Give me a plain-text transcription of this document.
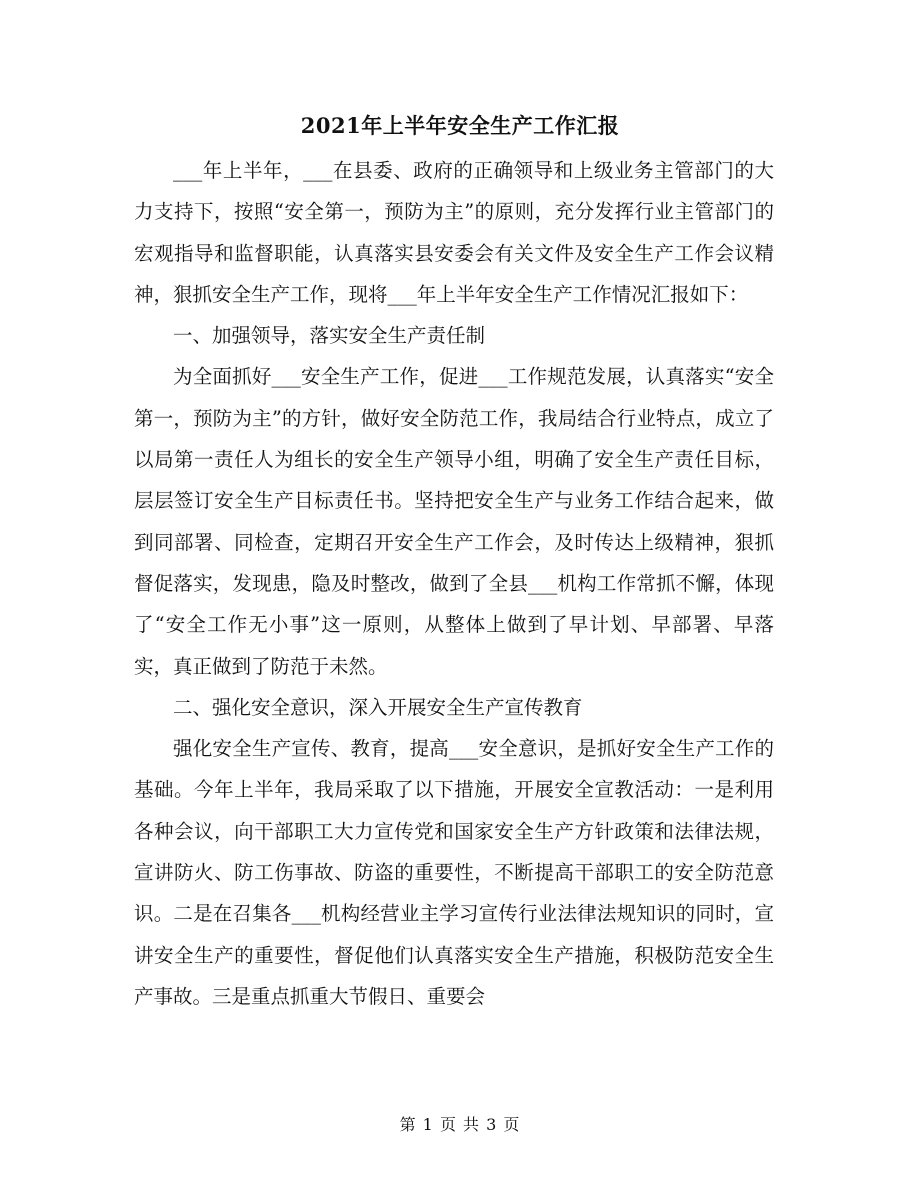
2021年上半年安全生产工作汇报

___年上半年，___在县委、政府的正确领导和上级业务主管部门的大力支持下，按照“安全第一，预防为主”的原则，充分发挥行业主管部门的宏观指导和监督职能，认真落实县安委会有关文件及安全生产工作会议精神，狠抓安全生产工作，现将___年上半年安全生产工作情况汇报如下：

一、加强领导，落实安全生产责任制

为全面抓好___安全生产工作，促进___工作规范发展，认真落实“安全第一，预防为主”的方针，做好安全防范工作，我局结合行业特点，成立了以局第一责任人为组长的安全生产领导小组，明确了安全生产责任目标，层层签订安全生产目标责任书。坚持把安全生产与业务工作结合起来，做到同部署、同检查，定期召开安全生产工作会，及时传达上级精神，狠抓督促落实，发现患，隐及时整改，做到了全县___机构工作常抓不懈，体现了“安全工作无小事”这一原则，从整体上做到了早计划、早部署、早落实，真正做到了防范于未然。

二、强化安全意识，深入开展安全生产宣传教育

强化安全生产宣传、教育，提高___安全意识，是抓好安全生产工作的基础。今年上半年，我局采取了以下措施，开展安全宣教活动：一是利用各种会议，向干部职工大力宣传党和国家安全生产方针政策和法律法规，宣讲防火、防工伤事故、防盗的重要性，不断提高干部职工的安全防范意识。二是在召集各___机构经营业主学习宣传行业法律法规知识的同时，宣讲安全生产的重要性，督促他们认真落实安全生产措施，积极防范安全生产事故。三是重点抓重大节假日、重要会

第 1 页 共 3 页
